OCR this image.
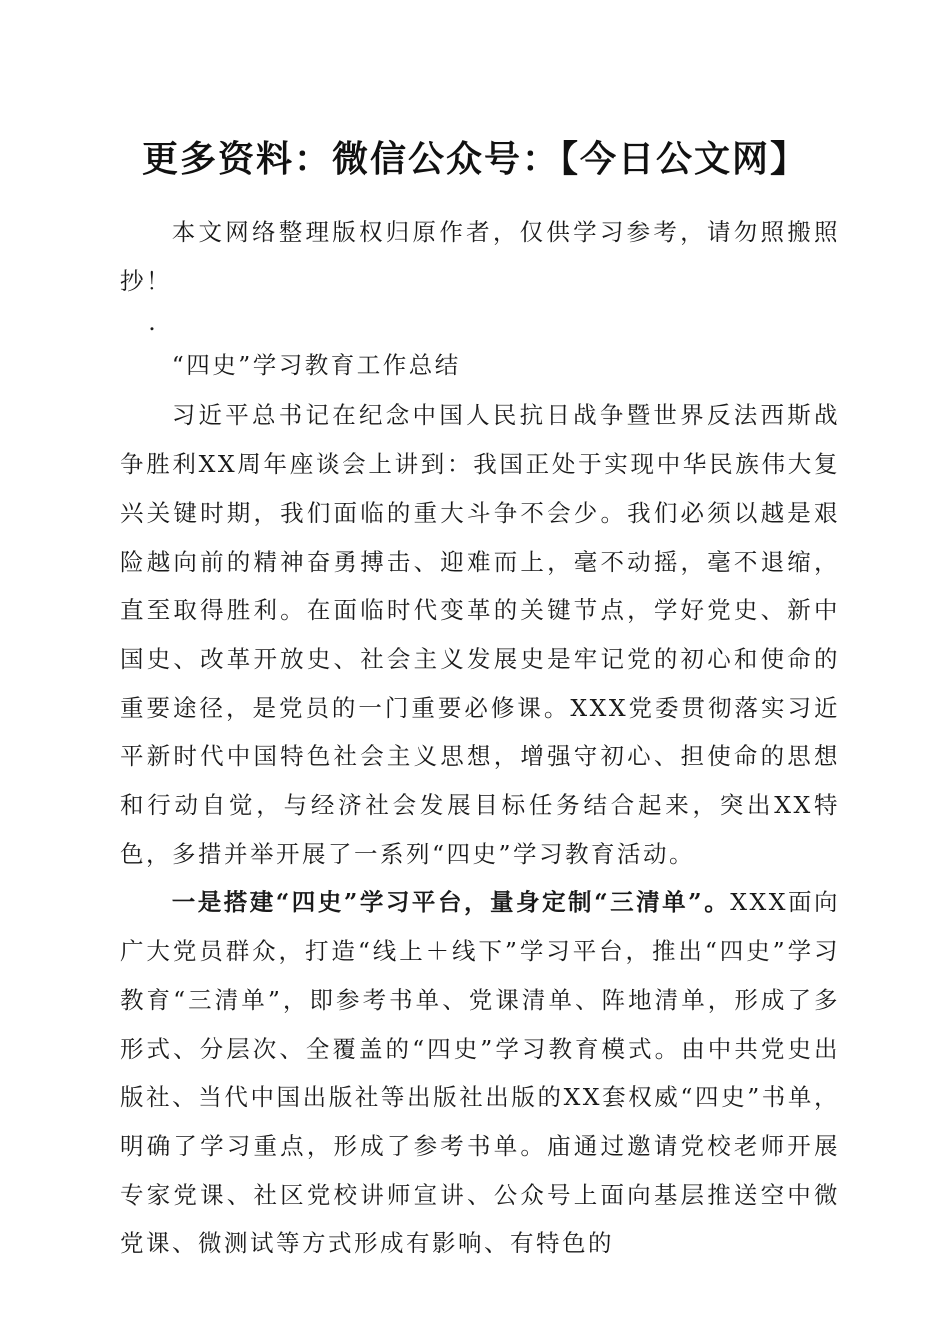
更多资料：微信公众号：【今日公文网】

本文网络整理版权归原作者，仅供学习参考，请勿照搬照抄！

.

“四史”学习教育工作总结

习近平总书记在纪念中国人民抗日战争暨世界反法西斯战争胜利XX周年座谈会上讲到：我国正处于实现中华民族伟大复兴关键时期，我们面临的重大斗争不会少。我们必须以越是艰险越向前的精神奋勇搏击、迎难而上，毫不动摇，毫不退缩，直至取得胜利。在面临时代变革的关键节点，学好党史、新中国史、改革开放史、社会主义发展史是牢记党的初心和使命的重要途径，是党员的一门重要必修课。XXX党委贯彻落实习近平新时代中国特色社会主义思想，增强守初心、担使命的思想和行动自觉，与经济社会发展目标任务结合起来，突出XX特色，多措并举开展了一系列“四史”学习教育活动。

一是搭建“四史”学习平台，量身定制“三清单”。XXX面向广大党员群众，打造“线上＋线下”学习平台，推出“四史”学习教育“三清单”，即参考书单、党课清单、阵地清单，形成了多形式、分层次、全覆盖的“四史”学习教育模式。由中共党史出版社、当代中国出版社等出版社出版的XX套权威“四史”书单，明确了学习重点，形成了参考书单。庙通过邀请党校老师开展专家党课、社区党校讲师宣讲、公众号上面向基层推送空中微党课、微测试等方式形成有影响、有特色的
